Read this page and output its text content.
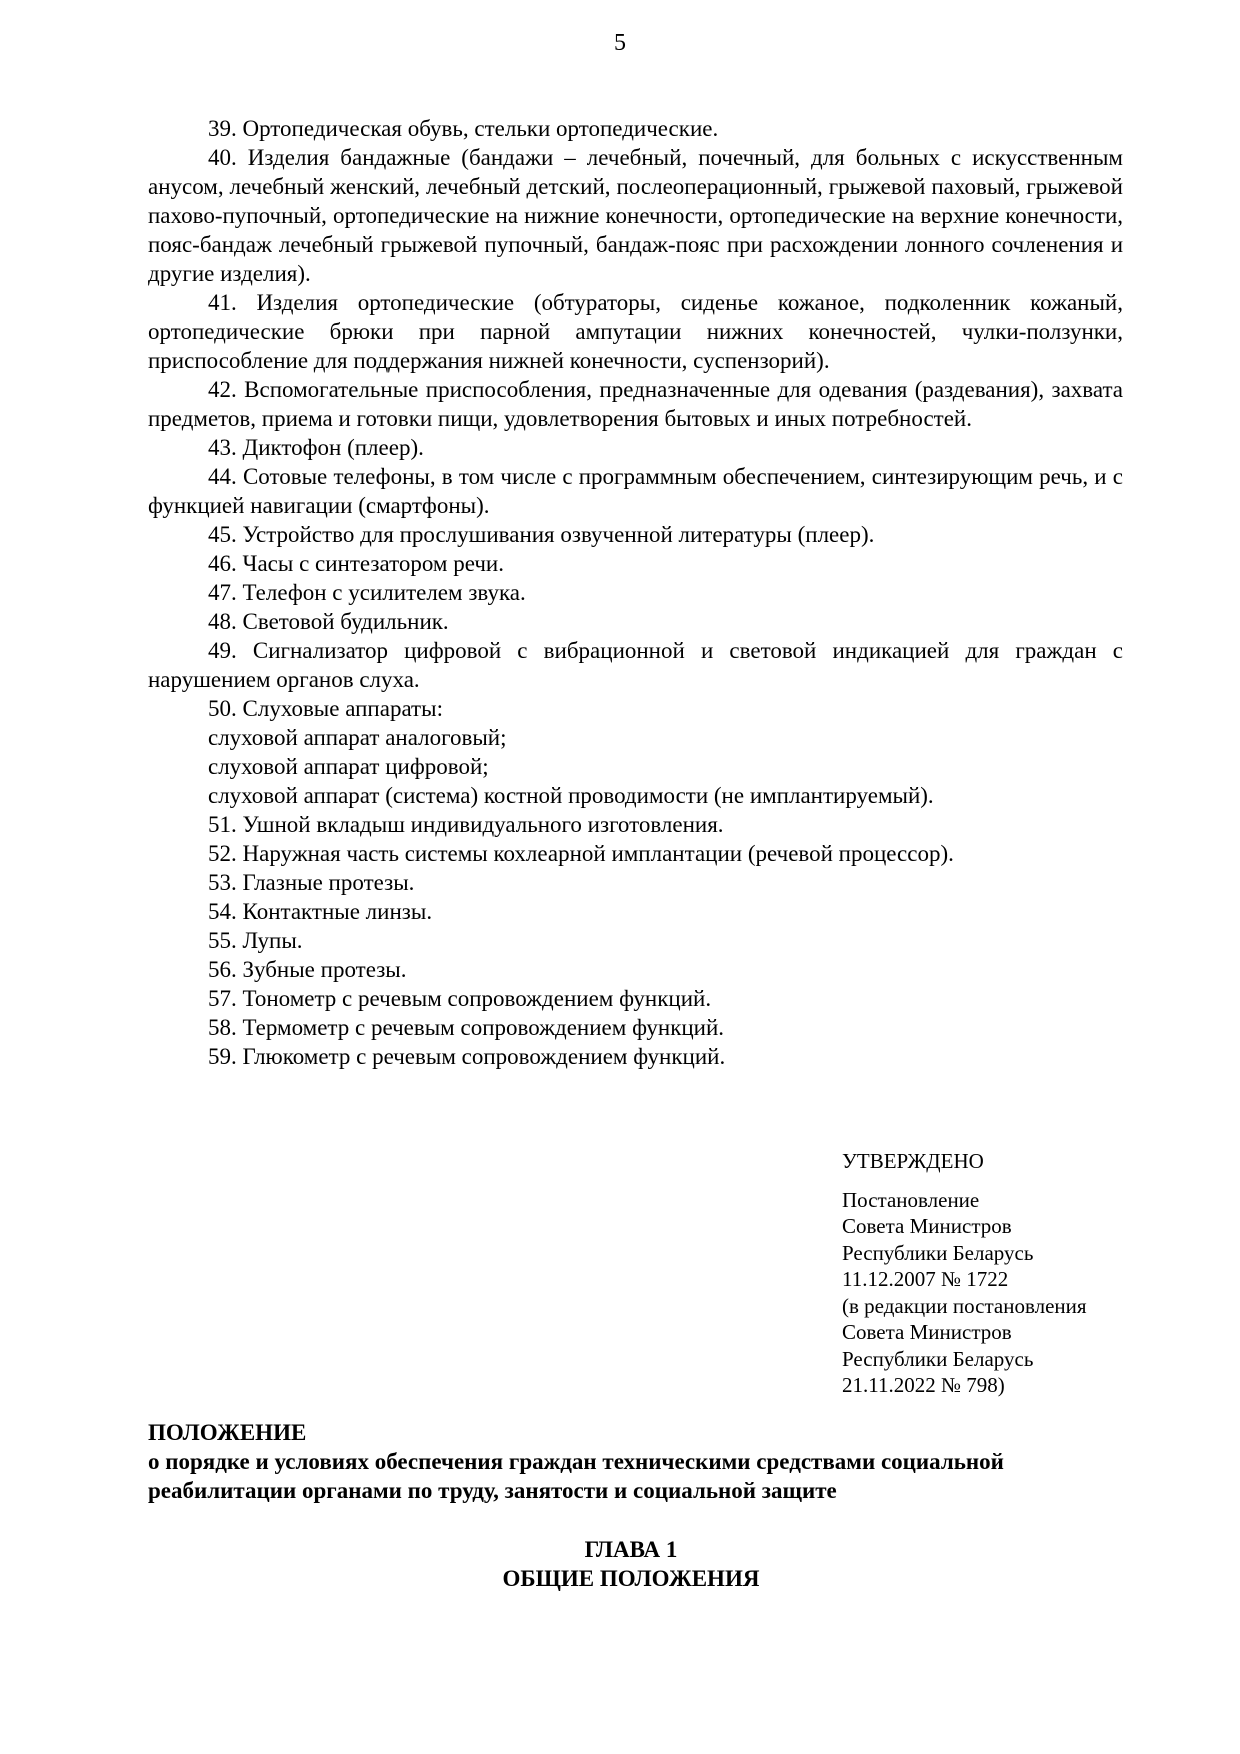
5

39. Ортопедическая обувь, стельки ортопедические.

40. Изделия бандажные (бандажи – лечебный, почечный, для больных с искусственным анусом, лечебный женский, лечебный детский, послеоперационный, грыжевой паховый, грыжевой пахово-пупочный, ортопедические на нижние конечности, ортопедические на верхние конечности, пояс-бандаж лечебный грыжевой пупочный, бандаж-пояс при расхождении лонного сочленения и другие изделия).

41. Изделия ортопедические (обтураторы, сиденье кожаное, подколенник кожаный, ортопедические брюки при парной ампутации нижних конечностей, чулки-ползунки, приспособление для поддержания нижней конечности, суспензорий).

42. Вспомогательные приспособления, предназначенные для одевания (раздевания), захвата предметов, приема и готовки пищи, удовлетворения бытовых и иных потребностей.

43. Диктофон (плеер).

44. Сотовые телефоны, в том числе с программным обеспечением, синтезирующим речь, и с функцией навигации (смартфоны).

45. Устройство для прослушивания озвученной литературы (плеер).

46. Часы с синтезатором речи.

47. Телефон с усилителем звука.

48. Световой будильник.

49. Сигнализатор цифровой с вибрационной и световой индикацией для граждан с нарушением органов слуха.

50. Слуховые аппараты:

слуховой аппарат аналоговый;

слуховой аппарат цифровой;

слуховой аппарат (система) костной проводимости (не имплантируемый).

51. Ушной вкладыш индивидуального изготовления.

52. Наружная часть системы кохлеарной имплантации (речевой процессор).

53. Глазные протезы.

54. Контактные линзы.

55. Лупы.

56. Зубные протезы.

57. Тонометр с речевым сопровождением функций.

58. Термометр с речевым сопровождением функций.

59. Глюкометр с речевым сопровождением функций.

УТВЕРЖДЕНО

Постановление

Совета Министров

Республики Беларусь

11.12.2007 № 1722

(в редакции постановления

Совета Министров

Республики Беларусь

21.11.2022 № 798)

ПОЛОЖЕНИЕ

о порядке и условиях обеспечения граждан техническими средствами социальной

реабилитации органами по труду, занятости и социальной защите

ГЛАВА 1

ОБЩИЕ ПОЛОЖЕНИЯ
